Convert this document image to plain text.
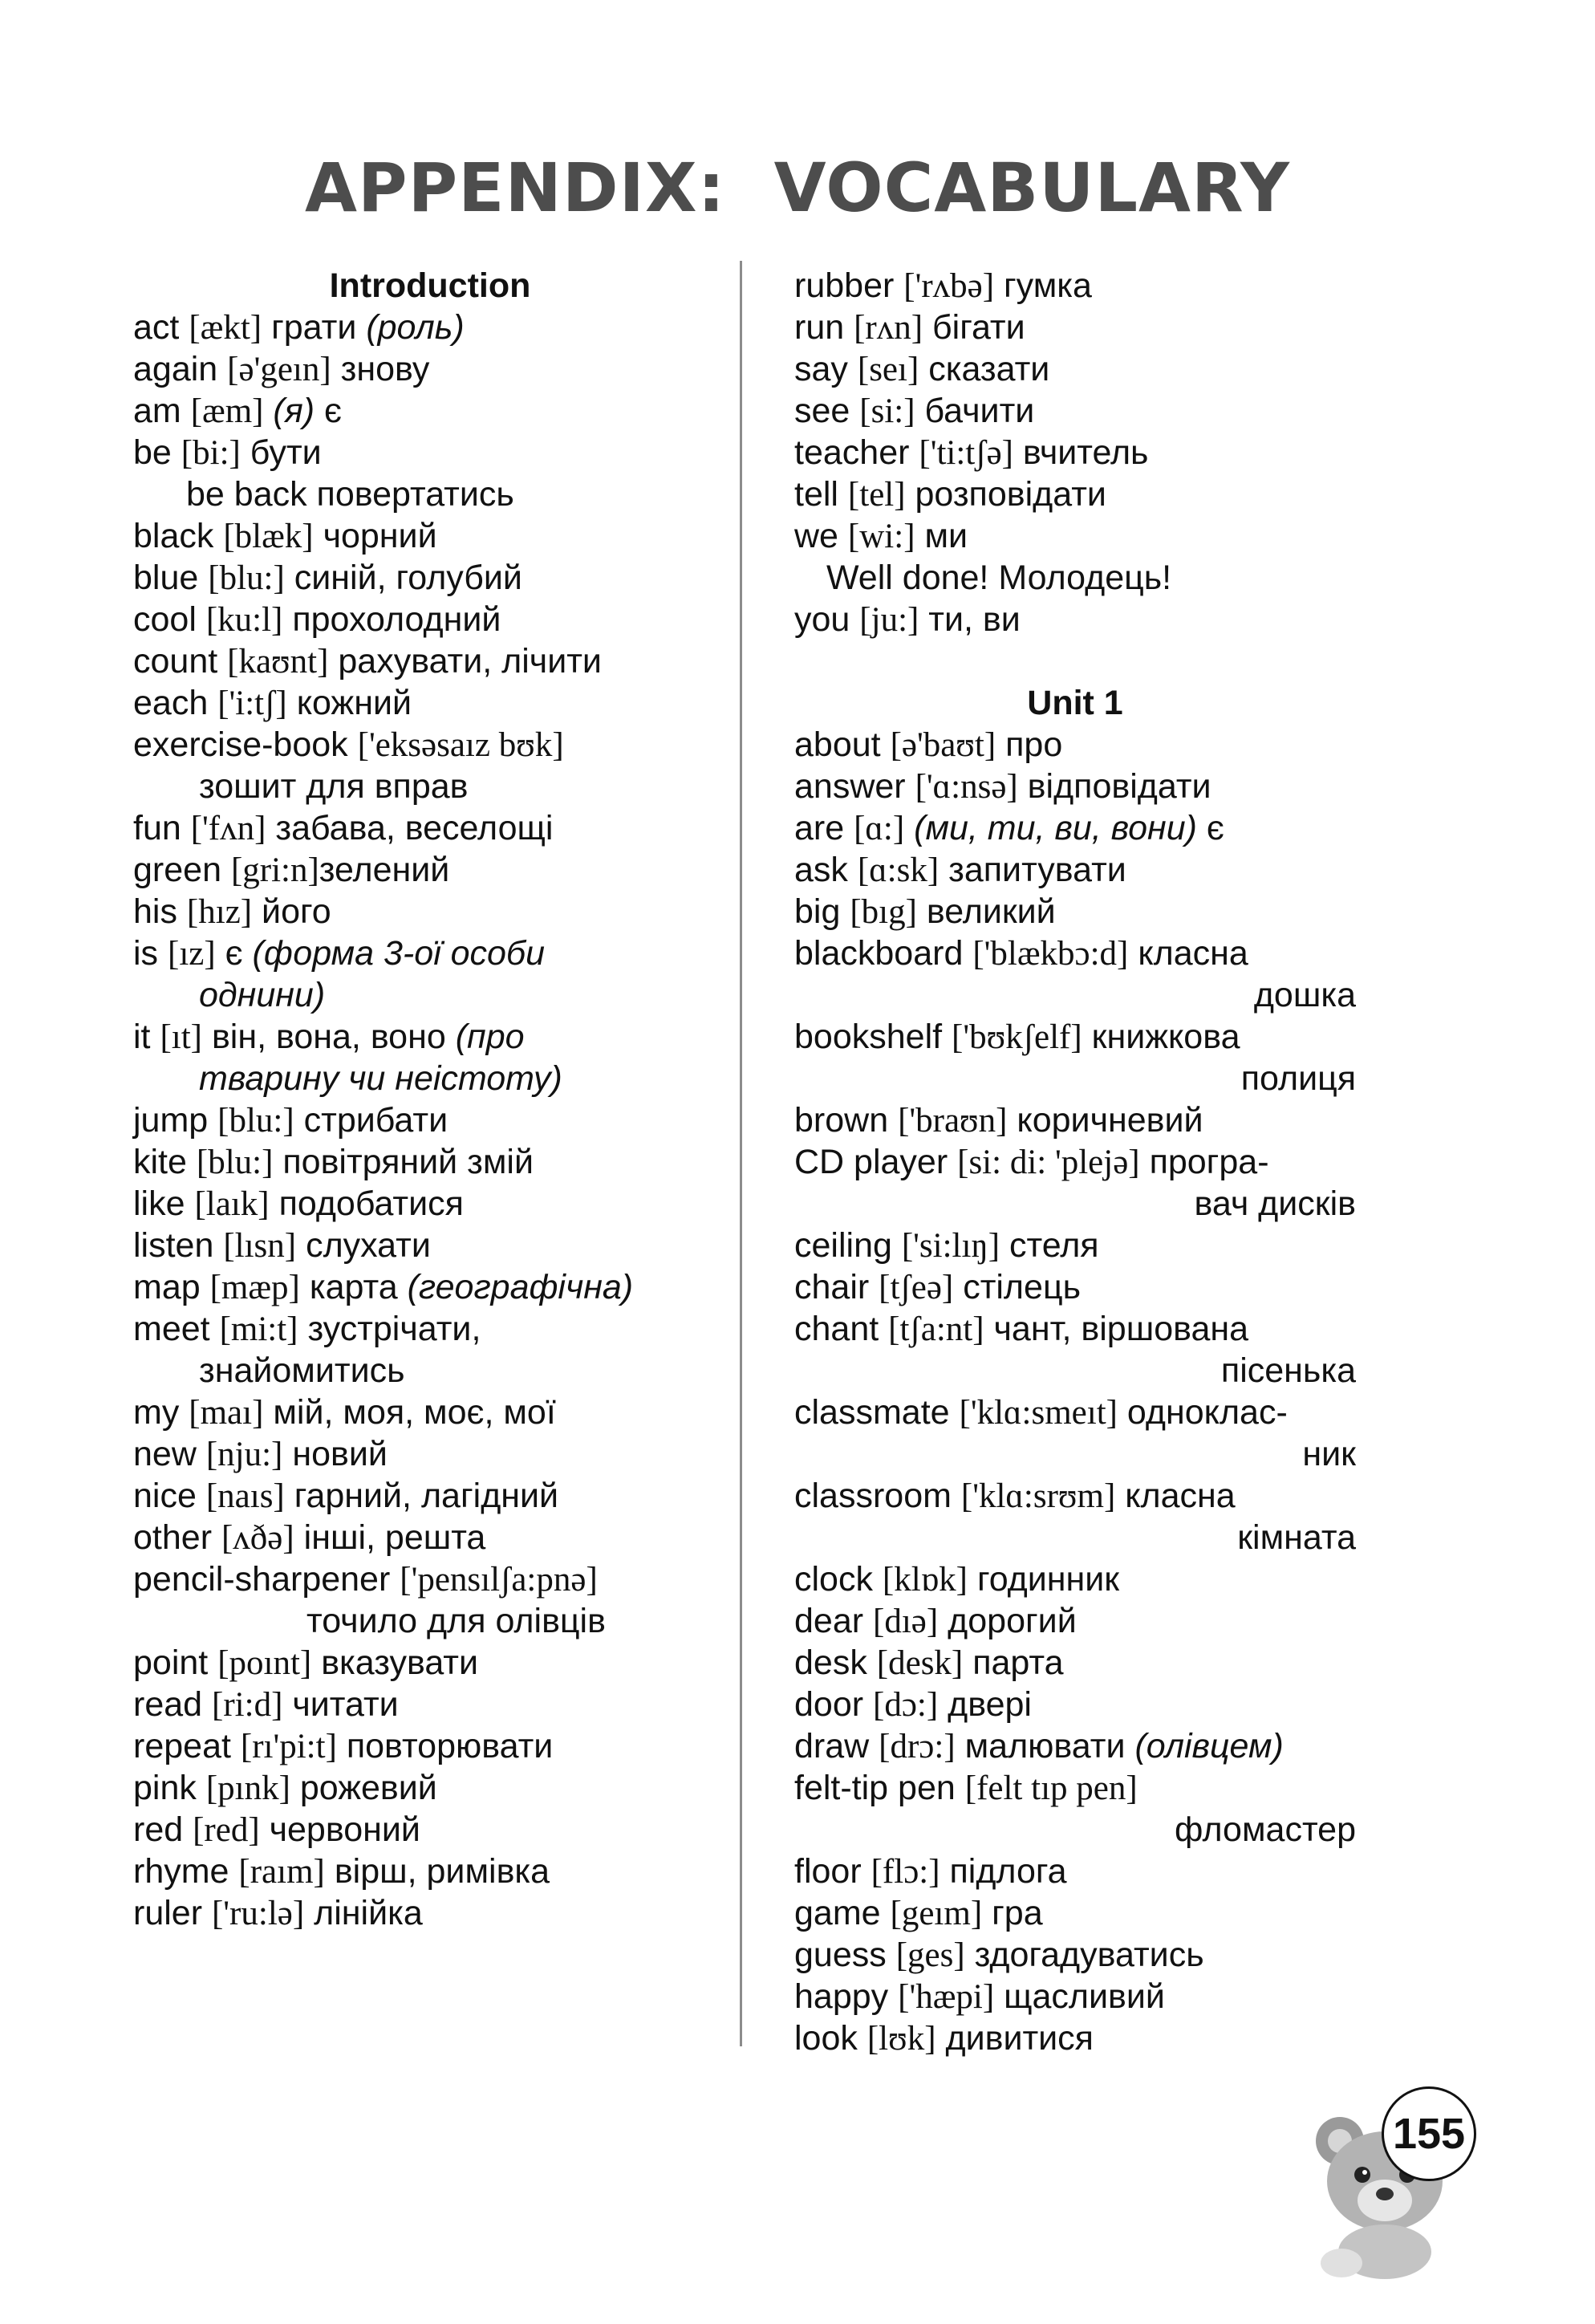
APPENDIX:  VOCABULARY
Introduction
act [ækt] грати (роль)
again [ə'geın] знову
am [æm] (я) є
be [bi:] бути
be back повертатись
black [blæk] чорний
blue [blu:] синій, голубий
cool [ku:l] прохолодний
count [kaʊnt] рахувати, лічити
each ['i:tʃ] кожний
exercise-book ['eksəsaız bʊk]
зошит для вправ
fun ['fʌn] забава, веселощі
green [gri:n]зелений
his [hız] його
is [ız] є (форма 3-ої особи
однини)
it [ıt] він, вона, воно (про
тварину чи неістоту)
jump [blu:] стрибати
kite [blu:] повітряний змій
like [laık] подобатися
listen [lısn] слухати
map [mæp] карта (географічна)
meet [mi:t] зустрічати,
знайомитись
my [maı] мій, моя, моє, мої
new [nju:] новий
nice [naıs] гарний, лагідний
other [ʌðə] інші, решта
pencil-sharpener ['pensılʃa:pnə]
точило для олівців
point [poınt] вказувати
read [ri:d] читати
repeat [rı'pi:t] повторювати
pink [pınk] рожевий
red [red] червоний
rhyme [raım] вірш, римівка
ruler ['ru:lə] лінійка
rubber ['rʌbə] гумка
run [rʌn] бігати
say [seı] сказати
see [si:] бачити
teacher ['ti:tʃə] вчитель
tell [tel] розповідати
we [wi:] ми
Well done! Молодець!
you [ju:] ти, ви
Unit 1
about [ə'baʊt] про
answer ['ɑ:nsə] відповідати
are [ɑ:] (ми, ти, ви, вони) є
ask [ɑ:sk] запитувати
big [bıg] великий
blackboard ['blækbɔ:d] класна
дошка
bookshelf ['bʊkʃelf] книжкова
полиця
brown ['braʊn] коричневий
CD player [si: di: 'plejə] програ-
вач дисків
ceiling ['si:lıŋ] стеля
chair [tʃeə] стілець
chant [tʃa:nt] чант, віршована
пісенька
classmate ['klɑ:smeıt] одноклас-
ник
classroom ['klɑ:srʊm] класна
кімната
clock [klɒk] годинник
dear [dıə] дорогий
desk [desk] парта
door [dɔ:] двері
draw [drɔ:] малювати (олівцем)
felt-tip pen [felt tıp pen]
фломастер
floor [flɔ:] підлога
game [geım] гра
guess [ges] здогадуватись
happy ['hæpi] щасливий
look [lʊk] дивитися
155
